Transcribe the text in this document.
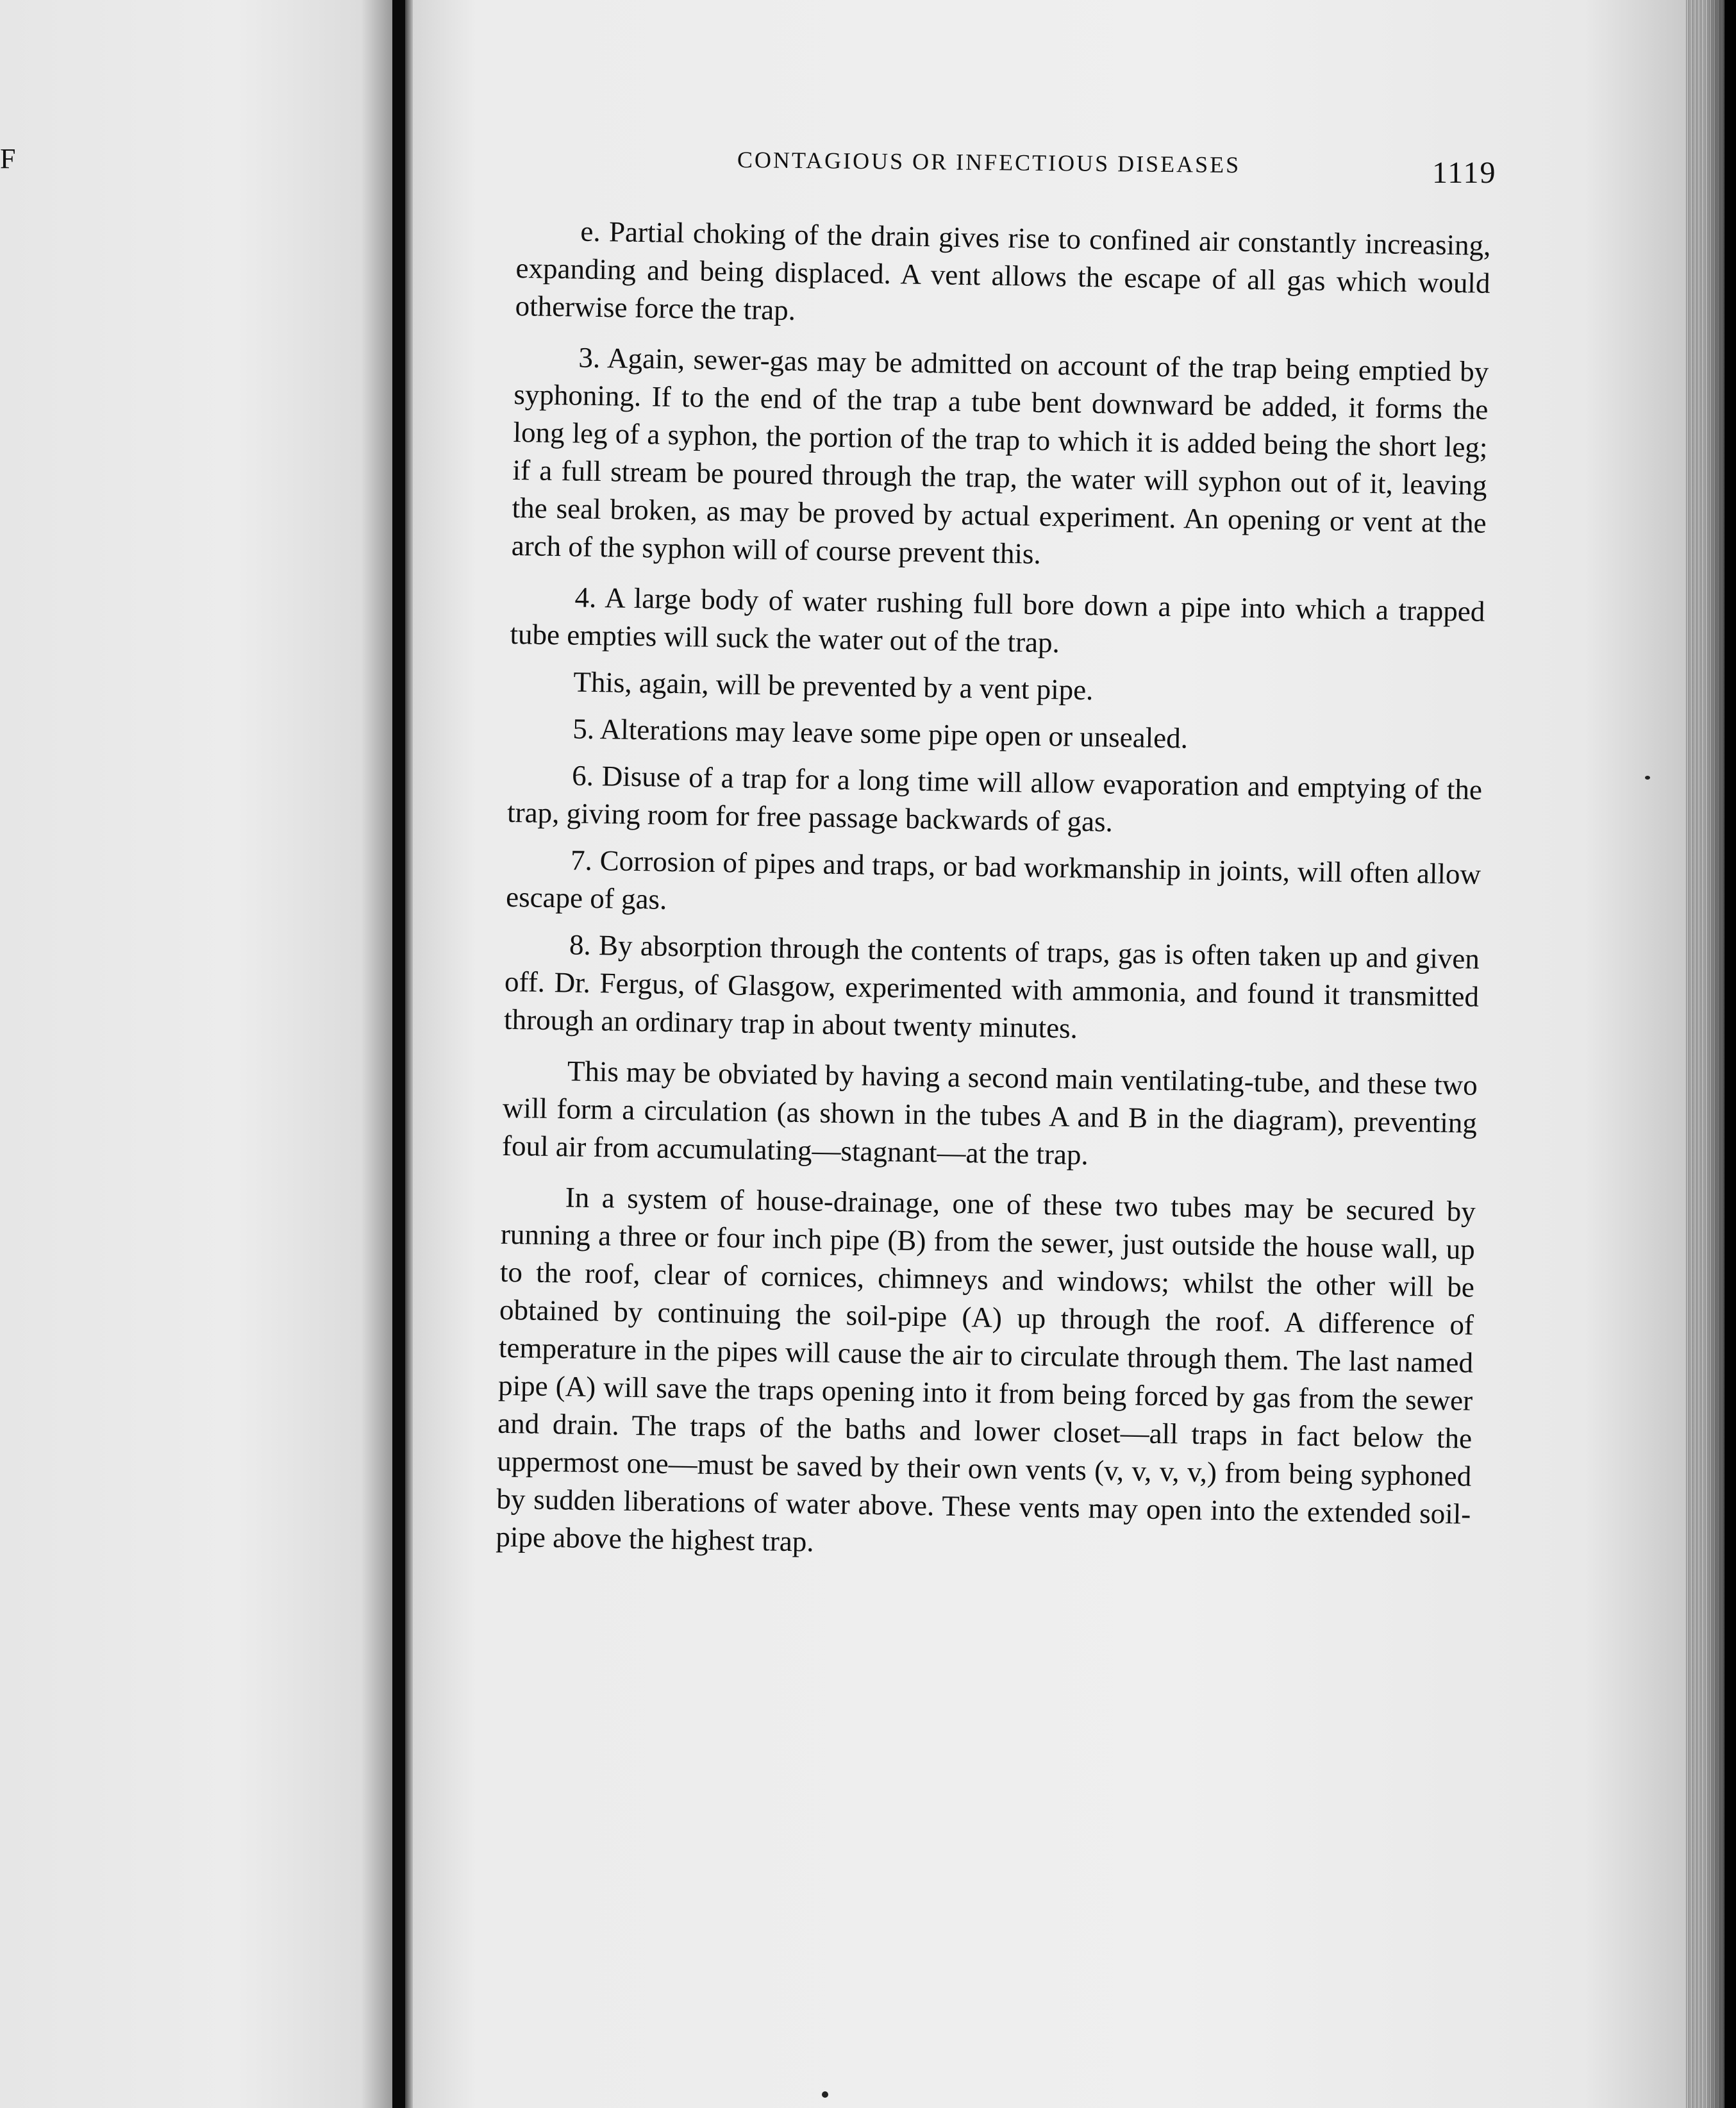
F	CONTAGIOUS OR INFECTIOUS DISEASES	1119

e. Partial choking of the drain gives rise to confined air constantly increasing, expanding and being displaced. A vent allows the escape of all gas which would otherwise force the trap.

3. Again, sewer-gas may be admitted on account of the trap being emptied by syphoning. If to the end of the trap a tube bent downward be added, it forms the long leg of a syphon, the portion of the trap to which it is added being the short leg; if a full stream be poured through the trap, the water will syphon out of it, leaving the seal broken, as may be proved by actual experiment. An opening or vent at the arch of the syphon will of course prevent this.

4. A large body of water rushing full bore down a pipe into which a trapped tube empties will suck the water out of the trap.

This, again, will be prevented by a vent pipe.

5. Alterations may leave some pipe open or unsealed.

6. Disuse of a trap for a long time will allow evaporation and emptying of the trap, giving room for free passage backwards of gas.

7. Corrosion of pipes and traps, or bad workmanship in joints, will often allow escape of gas.

8. By absorption through the contents of traps, gas is often taken up and given off. Dr. Fergus, of Glasgow, experimented with ammonia, and found it transmitted through an ordinary trap in about twenty minutes.

This may be obviated by having a second main ventilating-tube, and these two will form a circulation (as shown in the tubes A and B in the diagram), preventing foul air from accumulating—stagnant—at the trap.

In a system of house-drainage, one of these two tubes may be secured by running a three or four inch pipe (B) from the sewer, just outside the house wall, up to the roof, clear of cornices, chimneys and windows; whilst the other will be obtained by continuing the soil-pipe (A) up through the roof. A difference of temperature in the pipes will cause the air to circulate through them. The last named pipe (A) will save the traps opening into it from being forced by gas from the sewer and drain. The traps of the baths and lower closet—all traps in fact below the uppermost one—must be saved by their own vents (v, v, v, v,) from being syphoned by sudden liberations of water above. These vents may open into the extended soil-pipe above the highest trap.
